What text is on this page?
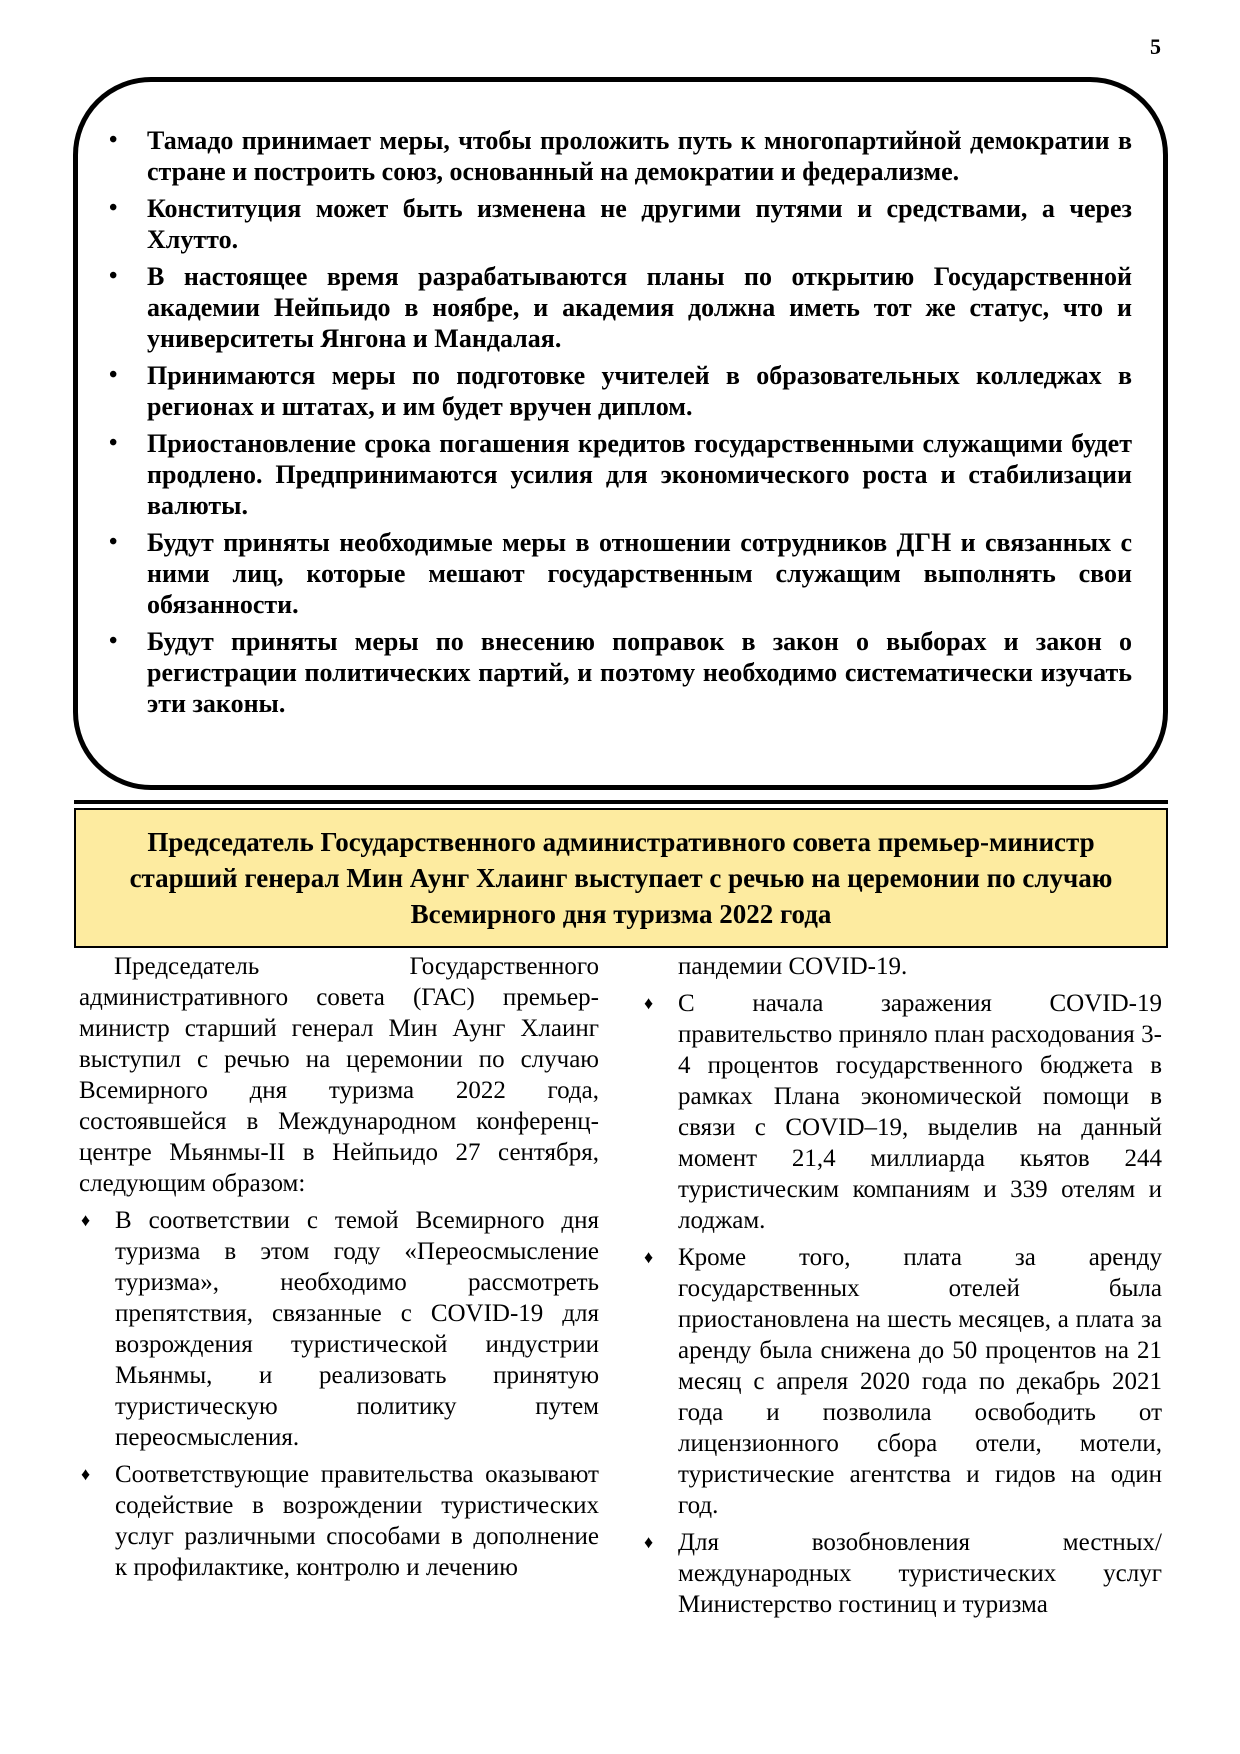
5
• Тамадо принимает меры, чтобы проложить путь к многопартийной демократии в стране и построить союз, основанный на демократии и федерализме.
• Конституция может быть изменена не другими путями и средствами, а через Хлутто.
• В настоящее время разрабатываются планы по открытию Государственной академии Нейпьидо в ноябре, и академия должна иметь тот же статус, что и университеты Янгона и Мандалая.
• Принимаются меры по подготовке учителей в образовательных колледжах в регионах и штатах, и им будет вручен диплом.
• Приостановление срока погашения кредитов государственными служащими будет продлено. Предпринимаются усилия для экономического роста и стабилизации валюты.
• Будут приняты необходимые меры в отношении сотрудников ДГН и связанных с ними лиц, которые мешают государственным служащим выполнять свои обязанности.
• Будут приняты меры по внесению поправок в закон о выборах и закон о регистрации политических партий, и поэтому необходимо систематически изучать эти законы.
Председатель Государственного административного совета премьер-министр старший генерал Мин Аунг Хлаинг выступает с речью на церемонии по случаю Всемирного дня туризма 2022 года

Председатель Государственного административного совета (ГАС) премьер-министр старший генерал Мин Аунг Хлаинг выступил с речью на церемонии по случаю Всемирного дня туризма 2022 года, состоявшейся в Международном конференц-центре Мьянмы-II в Нейпьидо 27 сентября, следующим образом:

♦ В соответствии с темой Всемирного дня туризма в этом году «Переосмысление туризма», необходимо рассмотреть препятствия, связанные с COVID-19 для возрождения туристической индустрии Мьянмы, и реализовать принятую туристическую политику путем переосмысления.
♦ Соответствующие правительства оказывают содействие в возрождении туристических услуг различными способами в дополнение к профилактике, контролю и лечению

пандемии COVID-19.

♦ С начала заражения COVID-19 правительство приняло план расходования 3-4 процентов государственного бюджета в рамках Плана экономической помощи в связи с COVID–19, выделив на данный момент 21,4 миллиарда кьятов 244 туристическим компаниям и 339 отелям и лоджам.
♦ Кроме того, плата за аренду государственных отелей была приостановлена на шесть месяцев, а плата за аренду была снижена до 50 процентов на 21 месяц с апреля 2020 года по декабрь 2021 года и позволила освободить от лицензионного сбора отели, мотели, туристические агентства и гидов на один год.
♦ Для возобновления местных/ международных туристических услуг Министерство гостиниц и туризма
